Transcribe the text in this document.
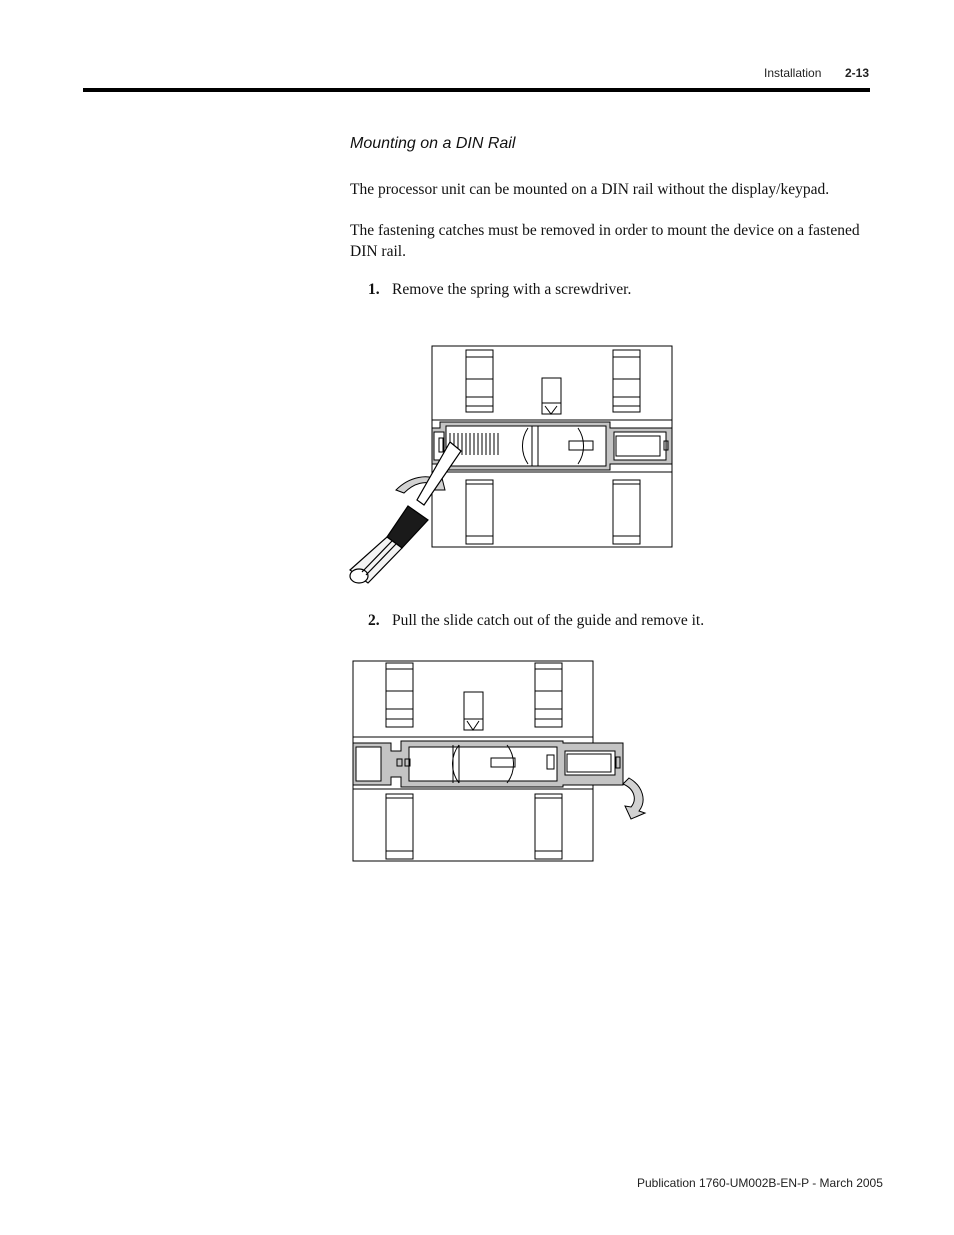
Installation 2-13
Mounting on a DIN Rail
The processor unit can be mounted on a DIN rail without the display/keypad.
The fastening catches must be removed in order to mount the device on a fastened DIN rail.
1. Remove the spring with a screwdriver.
2. Pull the slide catch out of the guide and remove it.
Publication 1760-UM002B-EN-P - March 2005
